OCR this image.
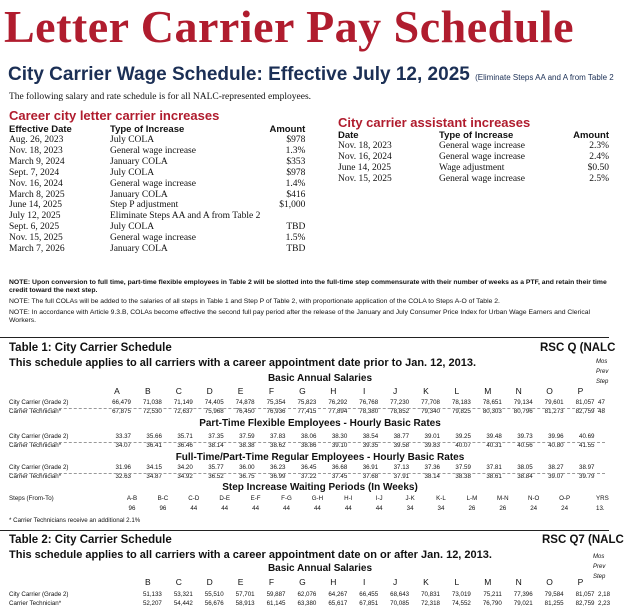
Letter Carrier Pay Schedule
City Carrier Wage Schedule: Effective July 12, 2025 (Eliminate Steps AA and A from Table 2
The following salary and rate schedule is for all NALC-represented employees.
Career city letter carrier increases
Effective Date	Type of Increase	Amount
Aug. 26, 2023	July COLA	$978
Nov. 18, 2023	General wage increase	1.3%
March 9, 2024	January COLA	$353
Sept. 7, 2024	July COLA	$978
Nov. 16, 2024	General wage increase	1.4%
March 8, 2025	January COLA	$416
June 14, 2025	Step P adjustment	$1,000
July 12, 2025	Eliminate Steps AA and A from Table 2	
Sept. 6, 2025	July COLA	TBD
Nov. 15, 2025	General wage increase	1.5%
March 7, 2026	January COLA	TBD
City carrier assistant increases
Date	Type of Increase	Amount
Nov. 18, 2023	General wage increase	2.3%
Nov. 16, 2024	General wage increase	2.4%
June 14, 2025	Wage adjustment	$0.50
Nov. 15, 2025	General wage increase	2.5%
NOTE: Upon conversion to full time, part-time flexible employees in Table 2 will be slotted into the full-time step commensurate with their number of weeks as a PTF, and retain their time credit toward the next step.
NOTE: The full COLAs will be added to the salaries of all steps in Table 1 and Step P of Table 2, with proportionate application of the COLA to Steps A-O of Table 2.
NOTE: In accordance with Article 9.3.B, COLAs become effective the second full pay period after the release of the January and July Consumer Price Index for Urban Wage Earners and Clerical Workers.
Table 1: City Carrier Schedule	RSC Q (NALC
This schedule applies to all carriers with a career appointment date prior to Jan. 12, 2013.	Mos
Prev
Step
Basic Annual Salaries
A	B	C	D	E	F	G	H	I	J	K	L	M	N	O	P
City Carrier (Grade 2)	66,479	71,038	71,149	74,405	74,878	75,354	75,823	76,292	76,768	77,230	77,708	78,183	78,651	79,134	79,601	81,057 47
Carrier Technician*	67,875	72,530	72,637	75,968	76,450	76,936	77,415	77,894	78,380	78,852	79,340	79,825	80,303	80,796	81,273	82,759 48
Part-Time Flexible Employees - Hourly Basic Rates
City Carrier (Grade 2)	33.37	35.66	35.71	37.35	37.59	37.83	38.06	38.30	38.54	38.77	39.01	39.25	39.48	39.73	39.96	40.69
Carrier Technician*	34.07	36.41	36.46	38.14	38.38	38.62	38.86	39.10	39.35	39.58	39.83	40.07	40.31	40.56	40.80	41.55
Full-Time/Part-Time Regular Employees - Hourly Basic Rates
City Carrier (Grade 2)	31.96	34.15	34.20	35.77	36.00	36.23	36.45	36.68	36.91	37.13	37.36	37.59	37.81	38.05	38.27	38.97
Carrier Technician*	32.63	34.87	34.92	36.52	36.75	36.99	37.22	37.45	37.68	37.91	38.14	38.38	38.61	38.84	39.07	39.79
Step Increase Waiting Periods (In Weeks)
Steps (From-To)	A-B	B-C	C-D	D-E	E-F	F-G	G-H	H-I	I-J	J-K	K-L	L-M	M-N	N-O	O-P
96	96	44	44	44	44	44	44	44	34	34	26	26	24	24
YRS
13.
* Carrier Technicians receive an additional 2.1%
Table 2: City Carrier Schedule	RSC Q7 (NALC
This schedule applies to all carriers with a career appointment date on or after Jan. 12, 2013.	Mos
Prev
Step
Basic Annual Salaries
B	C	D	E	F	G	H	I	J	K	L	M	N	O	P
City Carrier (Grade 2)	51,133	53,321	55,510	57,701	59,887	62,076	64,267	66,455	68,643	70,831	73,019	75,211	77,396	79,584	81,057 2,18
Carrier Technician*	52,207	54,442	56,676	58,913	61,145	63,380	65,617	67,851	70,085	72,318	74,552	76,790	79,021	81,255	82,759 2,23
